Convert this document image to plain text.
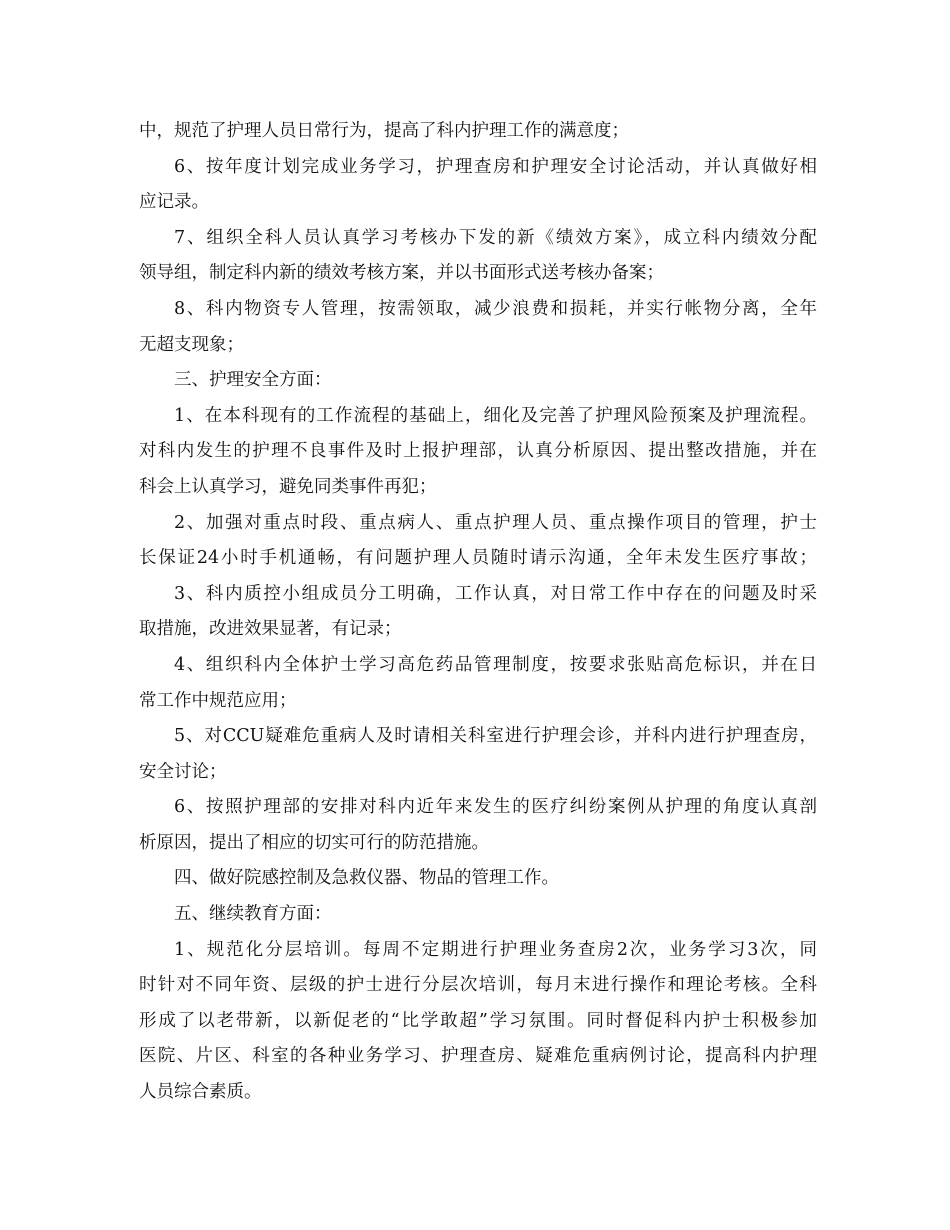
中，规范了护理人员日常行为，提高了科内护理工作的满意度；
6、按年度计划完成业务学习，护理查房和护理安全讨论活动，并认真做好相
应记录。
7、组织全科人员认真学习考核办下发的新《绩效方案》，成立科内绩效分配
领导组，制定科内新的绩效考核方案，并以书面形式送考核办备案；
8、科内物资专人管理，按需领取，减少浪费和损耗，并实行帐物分离，全年
无超支现象；
三、护理安全方面：
1、在本科现有的工作流程的基础上，细化及完善了护理风险预案及护理流程。
对科内发生的护理不良事件及时上报护理部，认真分析原因、提出整改措施，并在
科会上认真学习，避免同类事件再犯；
2、加强对重点时段、重点病人、重点护理人员、重点操作项目的管理，护士
长保证24小时手机通畅，有问题护理人员随时请示沟通，全年未发生医疗事故；
3、科内质控小组成员分工明确，工作认真，对日常工作中存在的问题及时采
取措施，改进效果显著，有记录；
4、组织科内全体护士学习高危药品管理制度，按要求张贴高危标识，并在日
常工作中规范应用；
5、对CCU疑难危重病人及时请相关科室进行护理会诊，并科内进行护理查房，
安全讨论；
6、按照护理部的安排对科内近年来发生的医疗纠纷案例从护理的角度认真剖
析原因，提出了相应的切实可行的防范措施。
四、做好院感控制及急救仪器、物品的管理工作。
五、继续教育方面：
1、规范化分层培训。每周不定期进行护理业务查房2次，业务学习3次，同
时针对不同年资、层级的护士进行分层次培训，每月末进行操作和理论考核。全科
形成了以老带新，以新促老的“比学敢超”学习氛围。同时督促科内护士积极参加
医院、片区、科室的各种业务学习、护理查房、疑难危重病例讨论，提高科内护理
人员综合素质。
